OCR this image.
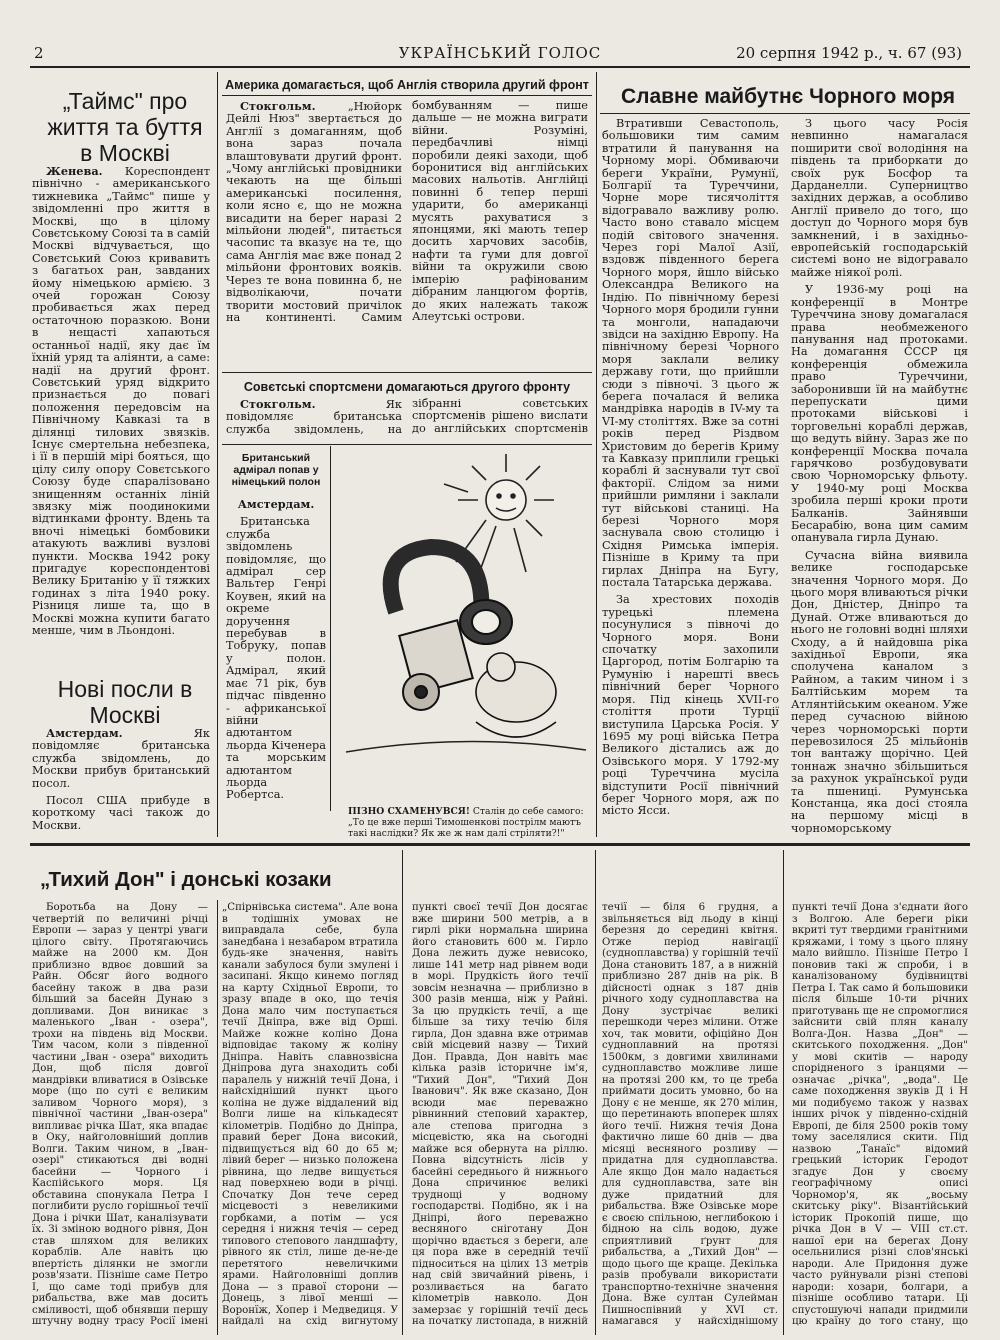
2	УКРАЇНСЬКИЙ ГОЛОС	20 серпня 1942 р., ч. 67 (93)
„Таймс" про життя та буття в Москві

Женева. Кореспондент північно - американського тижневика „Таймс" пише у звідомленні про життя в Москві, що в цілому Совєтському Союзі та в самій Москві відчувається, що Совєтський Союз кривавить з багатьох ран, завданих йому німецькою армією. З очей горожан Союзу пробивається жах перед остаточною поразкою. Вони в нещасті хапаються останньої надії, яку дає їм їхній уряд та аліянти, а саме: надії на другий фронт. Совєтський уряд відкрито признається до повагі положення передовсім на Північному Кавказі та в ділянці тилових звязків. Існує смертельна небезпека, і її в першій мірі бояться, що цілу силу опору Совєтського Союзу буде спаралізовано знищенням останніх ліній звязку між поодинокими відтинками фронту. Вдень та вночі німецькі бомбовики атакують важливі вузлові пункти. Москва 1942 року пригадує кореспондентові Велику Британію у її тяжких годинах з літа 1940 року. Різниця лише та, що в Москві можна купити багато менше, чим в Льондоні.

Нові посли в Москві

Амстердам. Як повідомляє британська служба звідомлень, до Москви прибув британський посол.

Посол США прибуде в короткому часі також до Москви.

Америка домагається, щоб Англія створила другий фронт

Стокгольм. „Нюйорк Дейлі Нюз" звертається до Англії з домаганням, щоб вона зараз почала влаштовувати другий фронт. „Чому англійські провідники чекають на ще більші американські посилення, коли ясно є, що не можна висадити на берег наразі 2 мільйони людей", питається часопис та вказує на те, що сама Англія має вже понад 2 мільйони фронтових вояків. Через те вона повинна б, не відволікаючи, почати творити мостовий причілок на континенті. Самим бомбуванням — пише дальше — не можна виграти війни. Розуміні, передбачливі німці поробили деякі заходи, щоб боронитися від англійських масових нальотів. Англійці повинні б тепер перші ударити, бо американці мусять рахуватися з японцями, які мають тепер досить харчових засобів, нафти та гуми для довгої війни та окружили свою імперію рафінованим дібраним ланцюгом фортів, до яких належать також Алеутські острови.

Совєтські спортсмени домагаються другого фронту

Стокгольм.	Як повідомляє британська служба звідомлень, на зібранні совєтських спортсменів рішено вислати до англійських спортсменів

Британський адмірал попав у німецький полон

Амстердам.

Британська служба звідомлень повідомляє, що адмірал сер Вальтер Генрі Коувен, який на окреме доручення перебував в Тобруку, попав у полон. Адмірал, який має 71 рік, був підчас південно - африканської війни адютантом льорда Кіченера та морським адютантом льорда Робертса.

ПІЗНО СХАМЕНУВСЯ! Сталін до себе самого: „То це вже перші Тимошенкові пострілм маютъ такі наслідки? Як же ж нам далі стріляти?!"
Славне майбутнє Чорного моря

Втративши Севастополь, большовики тим самим втратили й панування на Чорному морі. Обмиваючи береги України, Румунії, Болгарії та Туреччини, Чорне море тисячоліття відогравало важливу ролю. Часто воно ставало місцем подій світового значення. Через горі Малої Азії, вздовж південного берега Чорного моря, йшло військо Олександра Великого на Індію. По північному березі Чорного моря бродили гунни та монголи, нападаючи звідси на західню Европу. На північному березі Чорного моря заклали велику державу готи, що прийшли сюди з півночі. З цього ж берега почалася й велика мандрівка народів в IV-му та VI-му століттях. Вже за сотні років перед Різдвом Христовим до берегів Криму та Кавказу приплили грецькі кораблі й заснували тут свої факторії. Слідом за ними прийшли римляни і заклали тут військові станиці. На березі Чорного моря заснувала свою столицю і Східня Римська імперія. Пізніше в Криму та при гирлах Дніпра на Бугу, постала Татарська держава.

За хрестових походів турецькі племена посунулися з півночі до Чорного моря. Вони спочатку захопили Царгород, потім Болгарію та Румунію і нарешті ввесь північний берег Чорного моря. Під кінець XVII-го століття проти Турції виступила Царська Росія. У 1695 му році війська Петра Великого дістались аж до Озівського моря. У 1792-му році Туреччина мусіла відступити Росії північний берег Чорного моря, аж по місто Ясси.

З цього часу Росія невпинно намагалася поширити свої володіння на південь та прибоpкати до своїх рук Босфор та Дарданелли. Суперництво західних держав, а особливо Англії привело до того, що доступ до Чорного моря був замкнений, і в західньо-европейській господарській системі воно не відогравало майже ніякої ролі.

У 1936-му році на конференції в Монтре Туреччина знову домагалася права необмеженого панування над протоками. На домагання СССР ця конференція обмежила право Туреччини, заборонивши їй на майбутнє перепускати цими протоками військові і торговельні кораблі держав, що ведуть війну. Зараз же по конференції Москва почала гарячково розбудовувати свою Чорноморську фльоту. У 1940-му році Москва зробила перші кроки проти Балканів. Зайнявши Бесарабію, вона цим самим опанувала гирла Дунаю.

Сучасна війна виявила велике господарське значення Чорного моря. До цього моря вливаються річки Дон, Дністер, Дніпро та Дунай. Отже вливаються до нього не головні водні шляхи Сходу, а й найдовша ріка західньої Европи, яка сполучена каналом з Райном, а таким чином і з Балтійським морем та Атлянтійським океаном. Уже перед сучасною війною через чорноморські порти перевозилося 25 мільйонів тон вантажу щорічно. Цей тоннаж значно збільшиться за рахунок української руди та пшениці. Румунська Констанца, яка досі стояла на першому місці в чорноморському

„Тихий Дон" і донські козаки

Боротьба на Дону — четвертій по величині річці Европи — зараз у центрі уваги цілого світу. Протягаючись майже на 2000 км. Дон приблизно вдвоє довший за Райн. Обсяг його водного басейну також в два рази більший за басейн Дунаю з допливами. Дон виникає з маленького „Іван - озера", трохи на південь від Москви. Тим часом, коли з південної частини „Іван - озера" виходить Дон, щоб після довгої мандрівки вливатися в Озівське море (що по суті є великим заливом Чорного моря), з північної частини „Іван-озера" випливає річка Шат, яка впадає в Оку, найголовніший доплив Волги. Таким чином, в „Іван-озері" стикаються дві водні басейни — Чорного і Каспійського моря. Ця обставина спонукала Петра І поглибити русло горішньої течії Дона і річки Шат, каналізувати їх. Зі зміною водного рівня, Дон став шляхом для великих кораблів. Але навіть цю впертість ділянки не змогли розв'язати. Пізніше саме Петро І, що саме тоді прибув для рибальства, вже мав досить сміливості, щоб обнявши першу штучну водну трасу Росії імені „Спірнівська система". Але вона в тодішніх умовах не виправдала себе, була занедбана і незабаром втратила будь-яке значення, навіть канали забулося були змулені і засипані. Якщо кинемо погляд на карту Східньої Европи, то зразу впаде в око, що течія Дона мало чим поступається течії Дніпра, вже від Орші. Майже кожне коліно Дона відповідає такому ж коліну Дніпра. Навіть славнозвісна Дніпрова дуга знаходить собі паралель у нижній течії Дона, і найсхідніший пункт цього коліна не дуже віддалений від Волги лише на кількадесят кілометрів. Подібно до Дніпра, правий берег Дона високий, підвищується від 60 до 65 м; лівий берег — низько положена рівнина, що ледве вищується над поверхнею води в річці. Спочатку Дон тече серед місцевості з невеликими горбками, а потім — уся середня і нижня течія — серед типового степового ландшафту, рівного як стіл, лише де-не-де перетятого невеличкими ярами. Найголовніші доплив Дона — з правої сторони — Донець, з лівої менші — Воронїж, Хопер і Медведиця. У найдалі на схід вигнутому пункті своєї течії Дон досягає вже ширини 500 метрів, а в гирлі ріки нормальна ширина його становить 600 м. Гирло Дона лежить дуже невисоко, лише 141 метр над рівнем води в морі. Прудкість його течії зовсім незначна — приблизно в 300 разів менша, ніж у Райні. За цю прудкість течії, а ще більше за тиху течію біля гирла, Дон здавна вже отримав свій місцевий назву — Тихий Дон. Правда, Дон навіть має кілька разів історичне ім'я, "Тихий Дон", "Тихий Дон Іванович". Як вже сказано, Дон всюди має переважно рівнинний степовий характер, але степова пригодна з місцевістю, яка на сьогодні майже вся обернута на ріллю. Повна відсутність лісів у басейні середнього й нижнього Дона спричинює великі труднощі у водному господарстві. Подібно, як і на Дніпрі, його переважно весняного сніготану Дон щорічно вдається з береги, але ця пора вже в середній течії підноситься на цілих 13 метрів над свій звичайний рівень, і розливається на багато кілометрів навколо. Дон замерзає у горішній течії десь на початку листопада, в нижній течії — біля 6 грудня, а звільняється від льоду в кінці березня до середині квітня. Отже період навігації (судноплавства) у горішній течії Дона становить 187, а в нижній приблизно 287 днів на рік. В дійсності однак з 187 днів річного ходу судноплавства на Дону зустрічає великі перешкоди через мілини. Отже хоч, так мовити, офіційно Дон судноплавний на протязі 1500км, з довгими хвилинами судноплавство можливе лише на протязі 200 км, то це треба приймати досить умовно, бо на Дону є не менше, як 270 мілин, що перетинають впоперек шлях його течії. Нижня течія Дона фактично лише 60 днів — два місяці весняного розливу — придатна для судноплавства. Але якщо Дон мало надається для судноплавства, зате він дуже придатний для рибальства. Вже Озівське море є своєю спільною, неглибокою і бідною на сіль водою, дуже сприятливий ґрунт для рибальства, а „Тихий Дон" — щодо цього ще краще. Декілька разів пробували використати транспортно-технічне значення Дона. Вже султан Сулейман Пишноспівний у XVI ст. намагався у найсхіднішому пункті течії Дона з'єднати його з Волгою. Але береги ріки вкриті тут твердими гранітними кряжами, і тому з цього пляну мало вийшло. Пізніше Петро I поновив такі ж спроби, і в каналізованому будівництві Петра І. Так само й большовики після більше 10-ти річних приготувань ще не спромоглися зайснити свій плян каналу Волга-Дон. Назва „Дон" — скитського походження. „Дон" у мові скитів — народу спорідненого з іранцями — означає „річка", „вода". Це саме походження звуків Д і Н ми подибуємо також у назвах інших річок у південно-східній Европі, де біля 2500 років тому тому заселялися скити. Під назвою „Танаїс" відомий грецький історик Геродот згадує Дон у своєму географічному описі Чорномор'я, як „восьму скитську ріку". Візантійський історик Прокопій пише, що річка Дон в V — VIII ст.ст. нашої ери на берегах Дону осельнилися різні слов'янські народи. Але Придоння дуже часто руйнували різні степові народи: хозари, болгари, а пізніше особливо татари. Ці спустошуючі напади придмили цю країну до того стану, що
